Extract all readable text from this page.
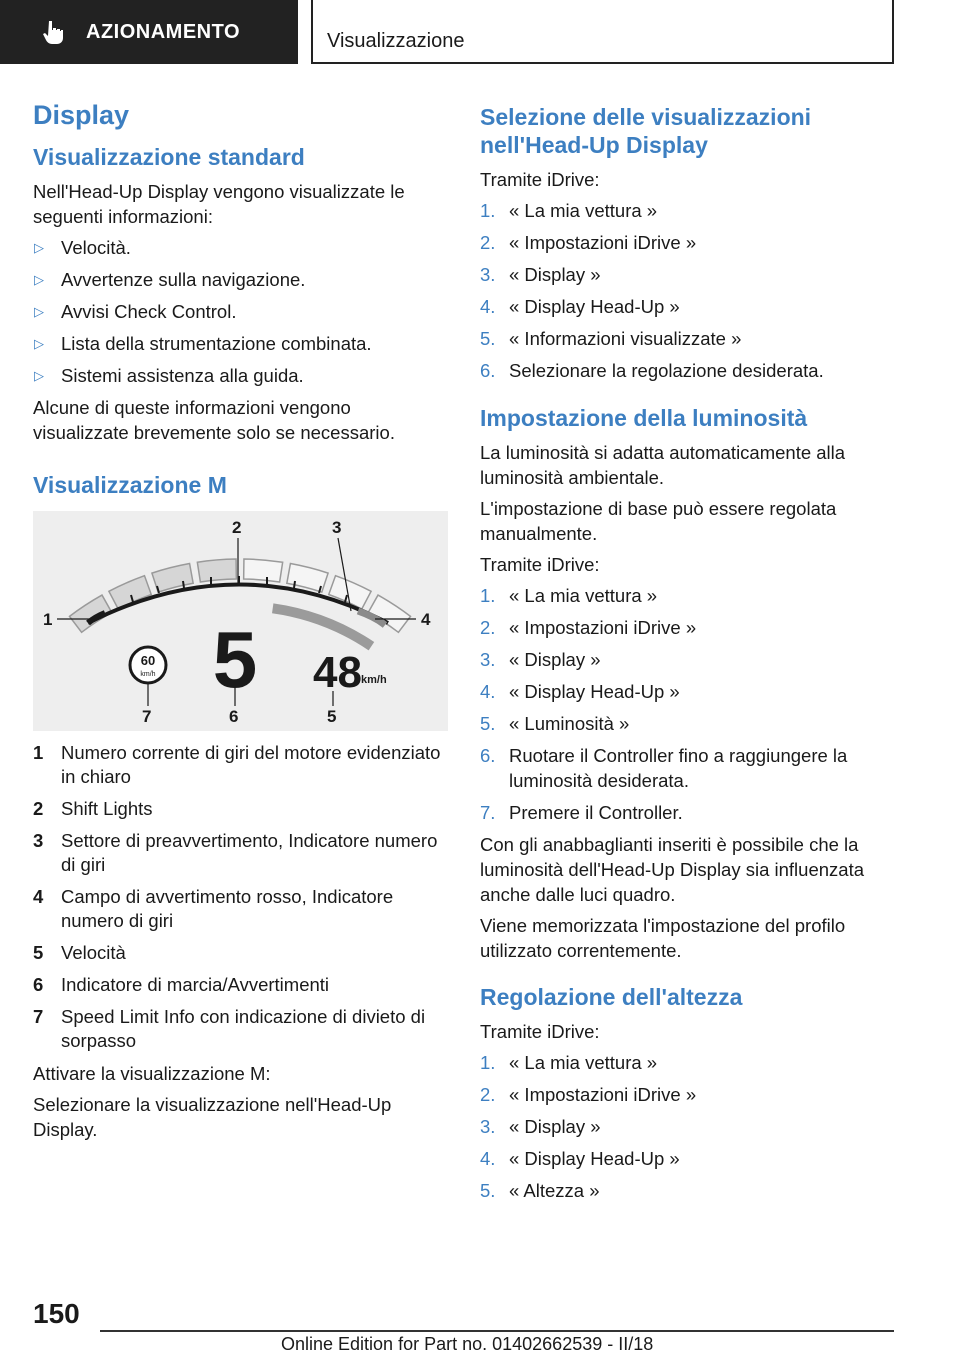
AZIONAMENTO	Visualizzazione
Display
Visualizzazione standard

Nell'Head-Up Display vengono visualizzate le seguenti informazioni:

▷ Velocità.
▷ Avvertenze sulla navigazione.
▷ Avvisi Check Control.
▷ Lista della strumentazione combinata.
▷ Sistemi assistenza alla guida.

Alcune di queste informazioni vengono visualizzate brevemente solo se necessario.

Visualizzazione M
1
2	3
4
5
6
7
60
km/h 5 48 km/h
1 Numero corrente di giri del motore evidenziato in chiaro
2 Shift Lights
3 Settore di preavvertimento, Indicatore numero di giri
4 Campo di avvertimento rosso, Indicatore numero di giri
5 Velocità
6 Indicatore di marcia/Avvertimenti
7 Speed Limit Info con indicazione di divieto di sorpasso

Attivare la visualizzazione M:

Selezionare la visualizzazione nell'Head-Up Display.

Selezione delle visualizzazioni nell'Head-Up Display

Tramite iDrive:

1. « La mia vettura »
2. « Impostazioni iDrive »
3. « Display »
4. « Display Head-Up »
5. « Informazioni visualizzate »
6. Selezionare la regolazione desiderata.
Impostazione della luminosità

La luminosità si adatta automaticamente alla luminosità ambientale.

L'impostazione di base può essere regolata manualmente.

Tramite iDrive:

1. « La mia vettura »
2. « Impostazioni iDrive »
3. « Display »
4. « Display Head-Up »
5. « Luminosità »
6. Ruotare il Controller fino a raggiungere la luminosità desiderata.
7. Premere il Controller.

Con gli anabbaglianti inseriti è possibile che la luminosità dell'Head-Up Display sia influenzata anche dalle luci quadro.

Viene memorizzata l'impostazione del profilo utilizzato correntemente.

Regolazione dell'altezza

Tramite iDrive:

1. « La mia vettura »
2. « Impostazioni iDrive »
3. « Display »
4. « Display Head-Up »
5. « Altezza »
150
Online Edition for Part no. 01402662539 - II/18
